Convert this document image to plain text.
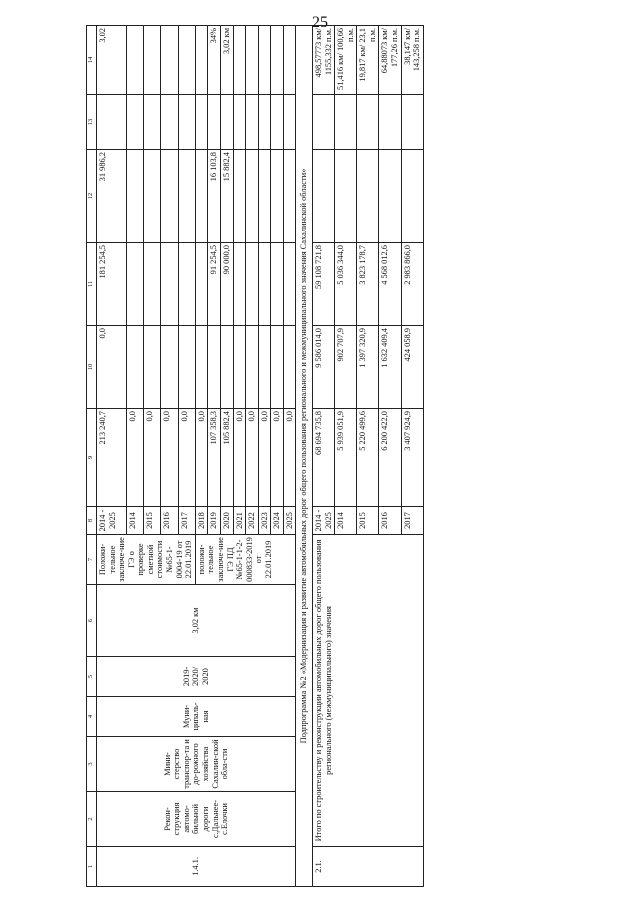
25
1	2	3	4	5	6	7	8	9	10	11	12	13	14
1.4.1.	Рекон-струкция автомо-бильной дороги с.Дальнее-с.Елочки	Мини-стерство транспор-та и до-рожного хозяйства Сахалин-ской обла-сти	Муни-ципаль-ная	2019-2020/ 2020	3,02 км	Положи-тельное заключе-ние ГЭ о проверке сметной стоимости №65-1-0004-19 от 22.01.2019	2014 - 2025	213 240,7	0,0	181 254,5	31 986,2		3,02
							2014	0,0					
							2015	0,0					
							2016	0,0					
							2017	0,0					
						положи-тельное заключе-ние ГЭ ПД №65-1-1-2-000833-2019 от 22.01.2019	2018	0,0					
							2019	107 358,3		91 254,5	16 103,8		34%
							2020	105 882,4		90 000,0	15 882,4		3,02 км
							2021	0,0					
							2022	0,0					
							2023	0,0					
							2024	0,0					
							2025	0,0					
Подпрограмма №2 «Модернизация и развитие автомобильных дорог общего пользования регионального и межмуниципального значения Сахалинской области»													
2.1.	Итого по строительству и реконструкции автомобильных дорог общего пользования регионального (межмуниципального) значения						2014 - 2025	68 694 735,8	9 586 014,0	59 108 721,8			498,57773 км/ 1155,332 п.м.
							2014	5 939 051,9	902 707,9	5 036 344,0			51,416 км/ 100,66 п.м.
							2015	5 220 499,6	1 397 320,9	3 823 178,7			19,817 км/ 23,1 п.м.
							2016	6 200 422,0	1 632 409,4	4 568 012,6			64,88073 км/ 177,26 п.м.
							2017	3 407 924,9	424 058,9	2 983 866,0			38,147 км/ 143,258 п.м.
